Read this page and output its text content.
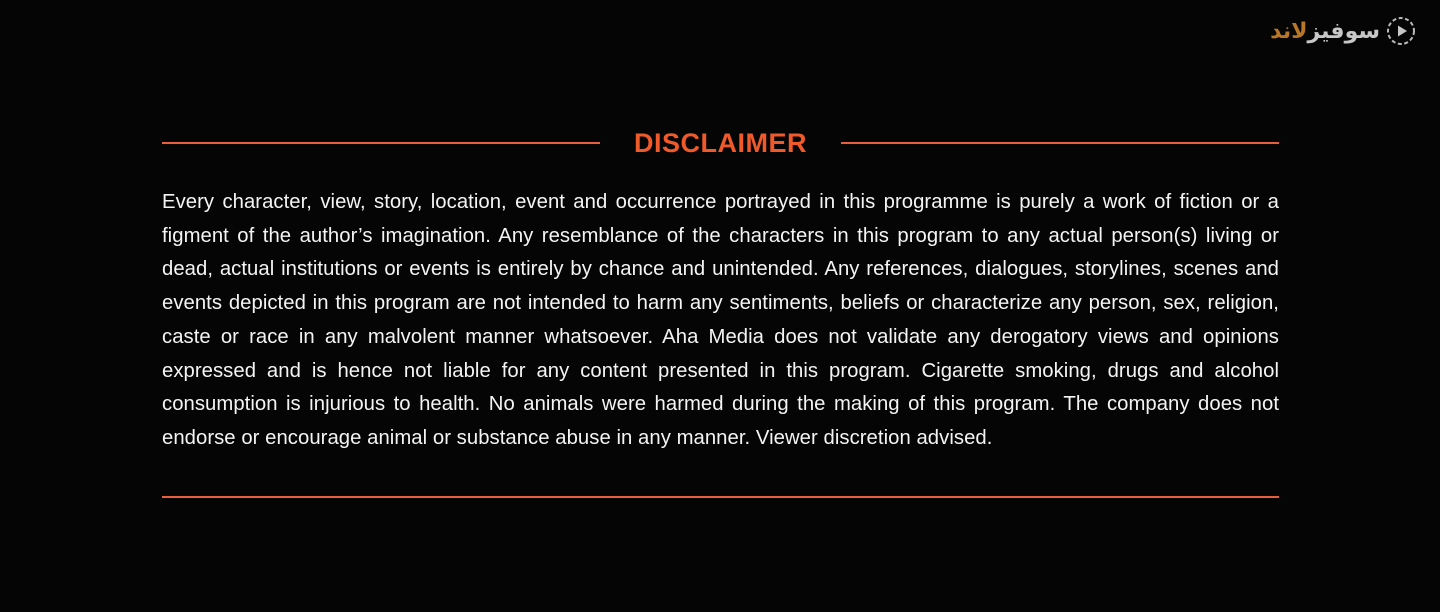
سوفیز
لاند
DISCLAIMER

Every character, view, story, location, event and occurrence portrayed in this programme is purely a work of fiction or a figment of the author’s imagination. Any resemblance of the characters in this program to any actual person(s) living or dead, actual institutions or events is entirely by chance and unintended. Any references, dialogues, storylines, scenes and events depicted in this program are not intended to harm any sentiments, beliefs or characterize any person, sex, religion, caste or race in any malvolent manner whatsoever. Aha Media does not validate any derogatory views and opinions expressed and is hence not liable for any content presented in this program. Cigarette smoking, drugs and alcohol consumption is injurious to health. No animals were harmed during the making of this program. The company does not endorse or encourage animal or substance abuse in any manner. Viewer discretion advised.
